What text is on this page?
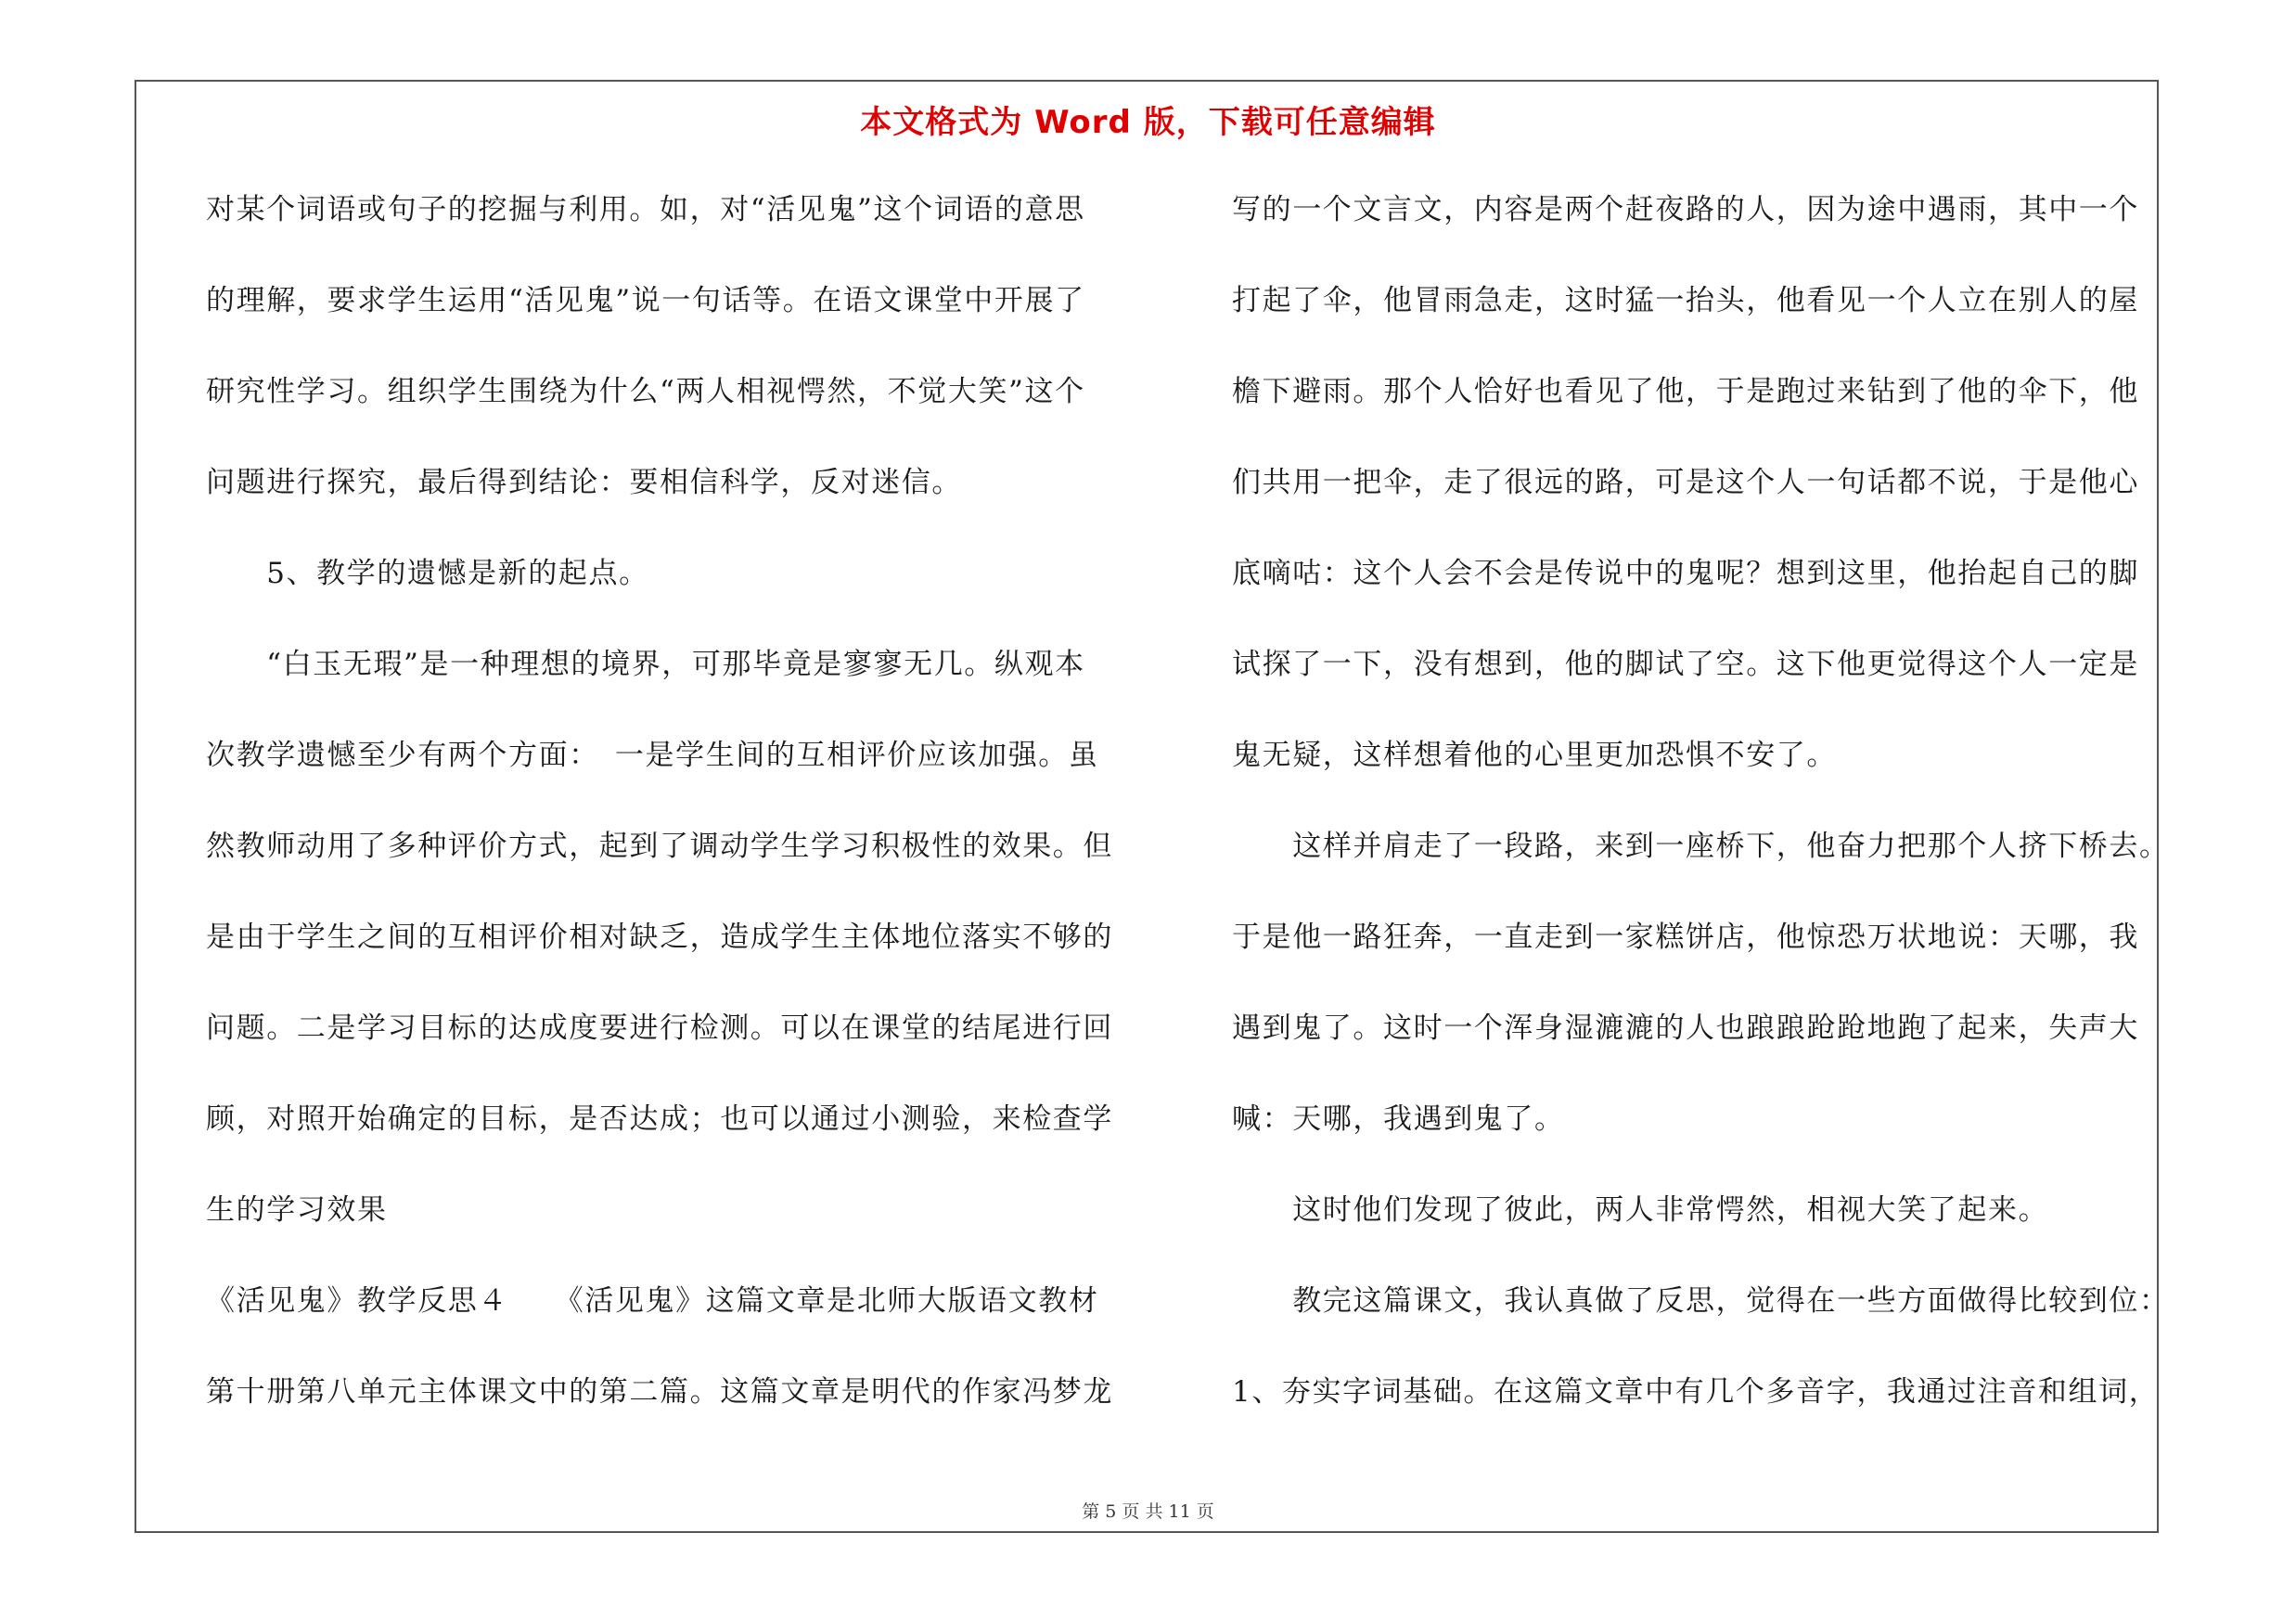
本文格式为 Word 版，下载可任意编辑
对某个词语或句子的挖掘与利用。如，对“活见鬼”这个词语的意思
的理解，要求学生运用“活见鬼”说一句话等。在语文课堂中开展了
研究性学习。组织学生围绕为什么“两人相视愕然，不觉大笑”这个
问题进行探究，最后得到结论：要相信科学，反对迷信。
　　5、教学的遗憾是新的起点。
　　“白玉无瑕”是一种理想的境界，可那毕竟是寥寥无几。纵观本
次教学遗憾至少有两个方面：　一是学生间的互相评价应该加强。虽
然教师动用了多种评价方式，起到了调动学生学习积极性的效果。但
是由于学生之间的互相评价相对缺乏，造成学生主体地位落实不够的
问题。二是学习目标的达成度要进行检测。可以在课堂的结尾进行回
顾，对照开始确定的目标，是否达成；也可以通过小测验，来检查学
生的学习效果
《活见鬼》教学反思４　　《活见鬼》这篇文章是北师大版语文教材
第十册第八单元主体课文中的第二篇。这篇文章是明代的作家冯梦龙
写的一个文言文，内容是两个赶夜路的人，因为途中遇雨，其中一个
打起了伞，他冒雨急走，这时猛一抬头，他看见一个人立在别人的屋
檐下避雨。那个人恰好也看见了他，于是跑过来钻到了他的伞下，他
们共用一把伞，走了很远的路，可是这个人一句话都不说，于是他心
底嘀咕：这个人会不会是传说中的鬼呢？想到这里，他抬起自己的脚
试探了一下，没有想到，他的脚试了空。这下他更觉得这个人一定是
鬼无疑，这样想着他的心里更加恐惧不安了。
　　这样并肩走了一段路，来到一座桥下，他奋力把那个人挤下桥去。
于是他一路狂奔，一直走到一家糕饼店，他惊恐万状地说：天哪，我
遇到鬼了。这时一个浑身湿漉漉的人也踉踉跄跄地跑了起来，失声大
喊：天哪，我遇到鬼了。
　　这时他们发现了彼此，两人非常愕然，相视大笑了起来。
　　教完这篇课文，我认真做了反思，觉得在一些方面做得比较到位：
1、夯实字词基础。在这篇文章中有几个多音字，我通过注音和组词，
第 5 页 共 11 页
